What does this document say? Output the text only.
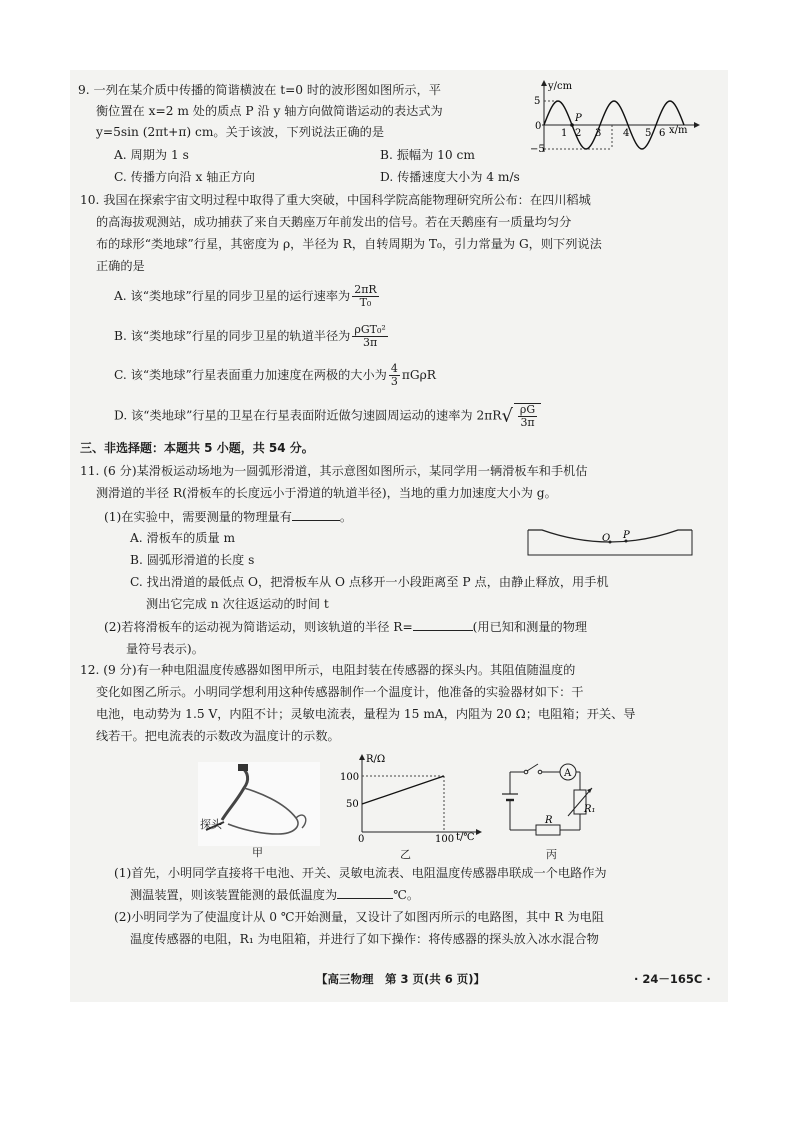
9. 一列在某介质中传播的简谐横波在 t=0 时的波形图如图所示，平
衡位置在 x=2 m 处的质点 P 沿 y 轴方向做简谐运动的表达式为
y=5sin (2πt+π) cm。关于该波，下列说法正确的是
A. 周期为 1 s	B. 振幅为 10 cm
C. 传播方向沿 x 轴正方向	D. 传播速度大小为 4 m/s
y/cm
x/m
0
5
−5
1 2 3 4 5 6
P
10. 我国在探索宇宙文明过程中取得了重大突破，中国科学院高能物理研究所公布：在四川稻城
的高海拔观测站，成功捕获了来自天鹅座万年前发出的信号。若在天鹅座有一质量均匀分
布的球形“类地球”行星，其密度为 ρ，半径为 R，自转周期为 T₀，引力常量为 G，则下列说法
正确的是
A. 该“类地球”行星的同步卫星的运行速率为 $\frac{2\pi R}{\text{T₀}}$
B. 该“类地球”行星的同步卫星的轨道半径为 $\frac{\text{ρGT₀²}}{3\pi}$
C. 该“类地球”行星表面重力加速度在两极的大小为 $\frac{4}{3}$ πGρR
D. 该“类地球”行星的卫星在行星表面附近做匀速圆周运动的速率为 $2\pi R√ \frac{\rho G}{3\pi}$
三、非选择题：本题共 5 小题，共 54 分。
11. (6 分)某滑板运动场地为一圆弧形滑道，其示意图如图所示，某同学用一辆滑板车和手机估
测滑道的半径 R(滑板车的长度远小于滑道的轨道半径)，当地的重力加速度大小为 g。
(1)在实验中，需要测量的物理量有	。
A. 滑板车的质量 m
B. 圆弧形滑道的长度 s
C. 找出滑道的最低点 O，把滑板车从 O 点移开一小段距离至 P 点，由静止释放，用手机
测出它完成 n 次往返运动的时间 t
(2)若将滑板车的运动视为简谐运动，则该轨道的半径 R=	(用已知和测量的物理
量符号表示)。
O P
12. (9 分)有一种电阻温度传感器如图甲所示，电阻封装在传感器的探头内。其阻值随温度的
变化如图乙所示。小明同学想利用这种传感器制作一个温度计，他准备的实验器材如下：干
电池，电动势为 1.5 V，内阻不计；灵敏电流表，量程为 15 mA，内阻为 20 Ω；电阻箱；开关、导
线若干。把电流表的示数改为温度计的示数。
探头
甲
R/Ω
t/℃
100
50
0	100
乙
A
R₁
R
丙
(1)首先，小明同学直接将干电池、开关、灵敏电流表、电阻温度传感器串联成一个电路作为
测温装置，则该装置能测的最低温度为	℃。
(2)小明同学为了使温度计从 0 ℃开始测量，又设计了如图丙所示的电路图，其中 R 为电阻
温度传感器的电阻，R₁ 为电阻箱，并进行了如下操作：将传感器的探头放入冰水混合物
【高三物理　第 3 页(共 6 页)】	· 24－165C ·
